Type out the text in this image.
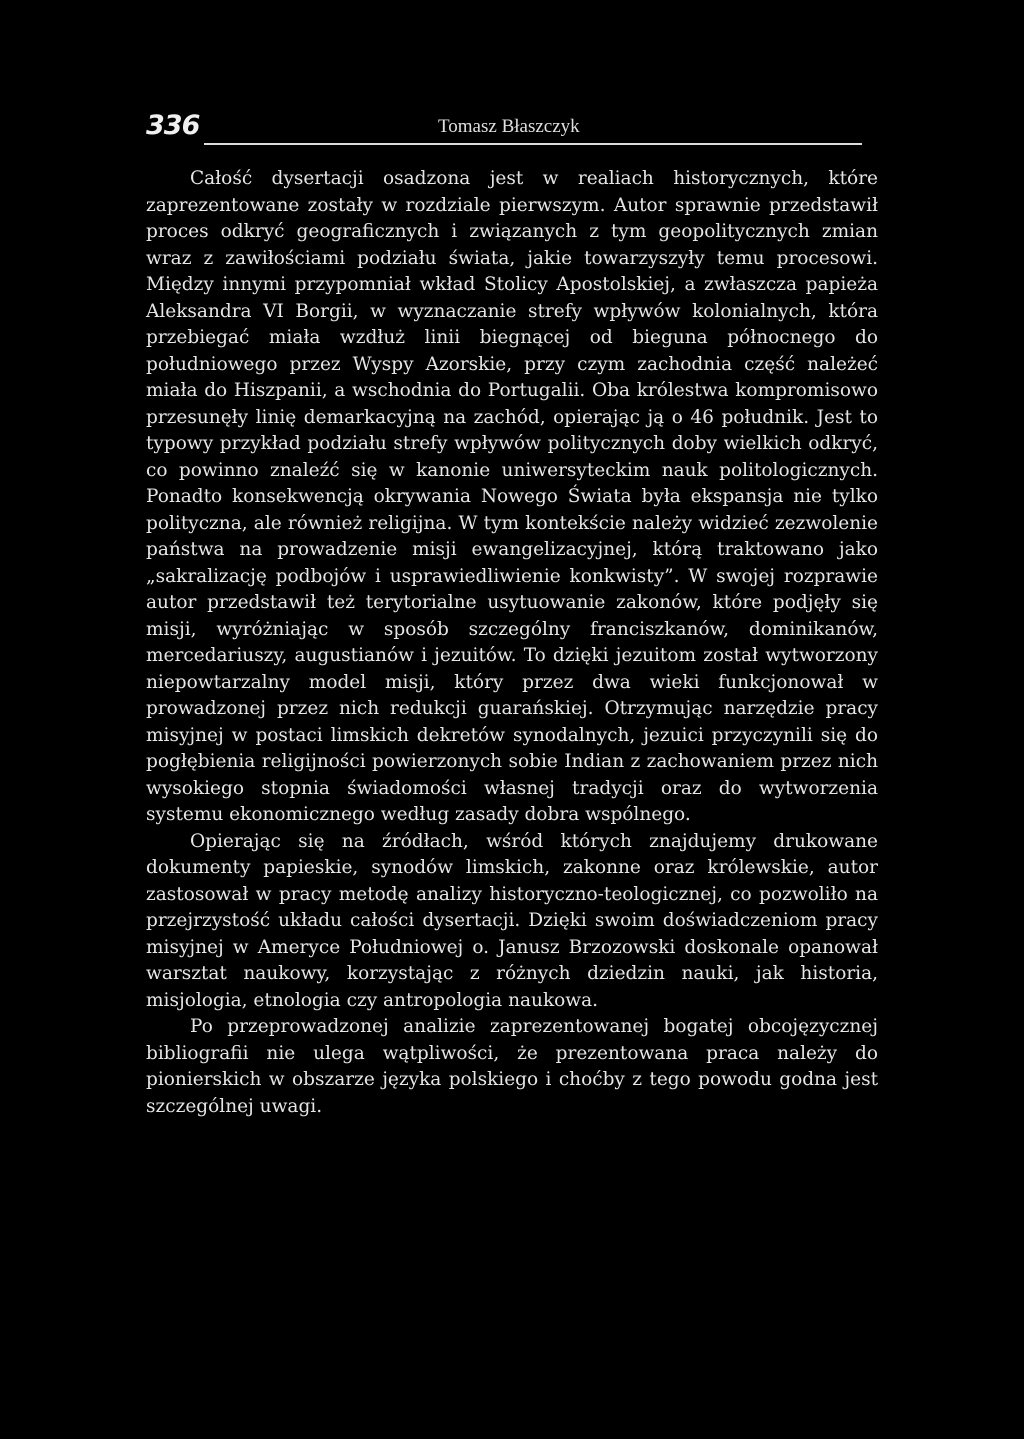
336	Tomasz Błaszczyk

Całość dysertacji osadzona jest w realiach historycznych, które zaprezentowane zostały w rozdziale pierwszym. Autor sprawnie przedstawił proces odkryć geograficznych i związanych z tym geopolitycznych zmian wraz z zawiłościami podziału świata, jakie towarzyszyły temu procesowi. Między innymi przypomniał wkład Stolicy Apostolskiej, a zwłaszcza papieża Aleksandra VI Borgii, w wyznaczanie strefy wpływów kolonialnych, która przebiegać miała wzdłuż linii biegnącej od bieguna północnego do południowego przez Wyspy Azorskie, przy czym zachodnia część należeć miała do Hiszpanii, a wschodnia do Portugalii. Oba królestwa kompromisowo przesunęły linię demarkacyjną na zachód, opierając ją o 46 południk. Jest to typowy przykład podziału strefy wpływów politycznych doby wielkich odkryć, co powinno znaleźć się w kanonie uniwersyteckim nauk politologicznych. Ponadto konsekwencją okrywania Nowego Świata była ekspansja nie tylko polityczna, ale również religijna. W tym kontekście należy widzieć zezwolenie państwa na prowadzenie misji ewangelizacyjnej, którą traktowano jako „sakralizację podbojów i usprawiedliwienie konkwisty”. W swojej rozprawie autor przedstawił też terytorialne usytuowanie zakonów, które podjęły się misji, wyróżniając w sposób szczególny franciszkanów, dominikanów, mercedariuszy, augustianów i jezuitów. To dzięki jezuitom został wytworzony niepowtarzalny model misji, który przez dwa wieki funkcjonował w prowadzonej przez nich redukcji guarańskiej. Otrzymując narzędzie pracy misyjnej w postaci limskich dekretów synodalnych, jezuici przyczynili się do pogłębienia religijności powierzonych sobie Indian z zachowaniem przez nich wysokiego stopnia świadomości własnej tradycji oraz do wytworzenia systemu ekonomicznego według zasady dobra wspólnego.

Opierając się na źródłach, wśród których znajdujemy drukowane dokumenty papieskie, synodów limskich, zakonne oraz królewskie, autor zastosował w pracy metodę analizy historyczno-teologicznej, co pozwoliło na przejrzystość układu całości dysertacji. Dzięki swoim doświadczeniom pracy misyjnej w Ameryce Południowej o. Janusz Brzozowski doskonale opanował warsztat naukowy, korzystając z różnych dziedzin nauki, jak historia, misjologia, etnologia czy antropologia naukowa.

Po przeprowadzonej analizie zaprezentowanej bogatej obcojęzycznej bibliografii nie ulega wątpliwości, że prezentowana praca należy do pionierskich w obszarze języka polskiego i choćby z tego powodu godna jest szczególnej uwagi.
